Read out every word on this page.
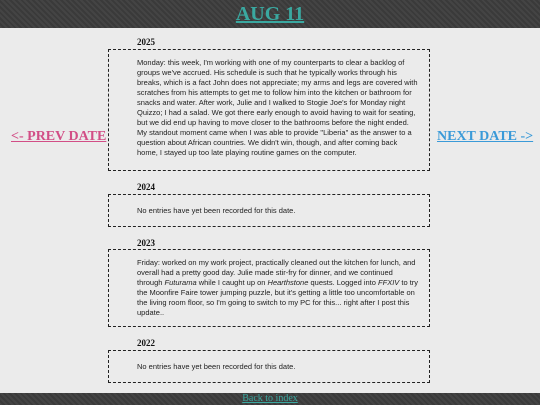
AUG 11
<- PREV DATE	NEXT DATE ->
2025
Monday: this week, I'm working with one of my counterparts to clear a backlog of groups we've accrued. His schedule is such that he typically works through his breaks, which is a fact John does not appreciate; my arms and legs are covered with scratches from his attempts to get me to follow him into the kitchen or bathroom for snacks and water. After work, Julie and I walked to Stogie Joe's for Monday night Quizzo; I had a salad. We got there early enough to avoid having to wait for seating, but we did end up having to move closer to the bathrooms before the night ended. My standout moment came when I was able to provide "Liberia" as the answer to a question about African countries. We didn't win, though, and after coming back home, I stayed up too late playing routine games on the computer.
2024
No entries have yet been recorded for this date.
2023
Friday: worked on my work project, practically cleaned out the kitchen for lunch, and overall had a pretty good day. Julie made stir-fry for dinner, and we continued through Futurama while I caught up on Hearthstone quests. Logged into FFXIV to try the Moonfire Faire tower jumping puzzle, but it's getting a little too uncomfortable on the living room floor, so I'm going to switch to my PC for this... right after I post this update..
2022
No entries have yet been recorded for this date.
Back to index
